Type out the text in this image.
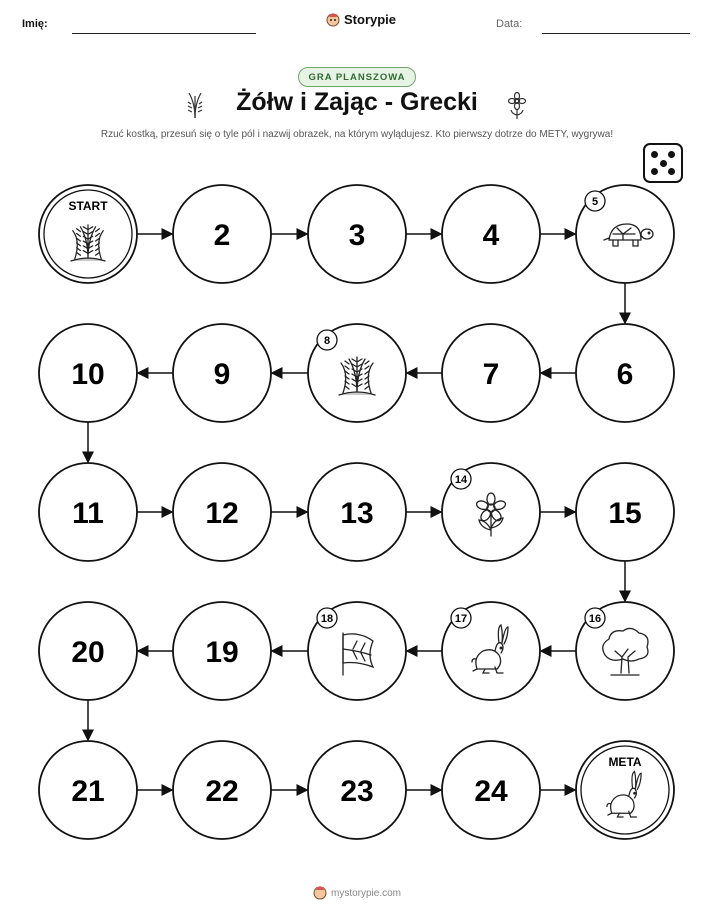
Imię:	Storypie	Data:
GRA PLANSZOWA
Żółw i Zając - Grecki
Rzuć kostką, przesuń się o tyle pól i nazwij obrazek, na którym wylądujesz. Kto pierwszy dotrze do METY, wygrywa!
START
2	3	4
5
6
7
8
9
10
11	12	13
14
15
16
17
18
19
20
21	22	23	24
META
mystorypie.com
